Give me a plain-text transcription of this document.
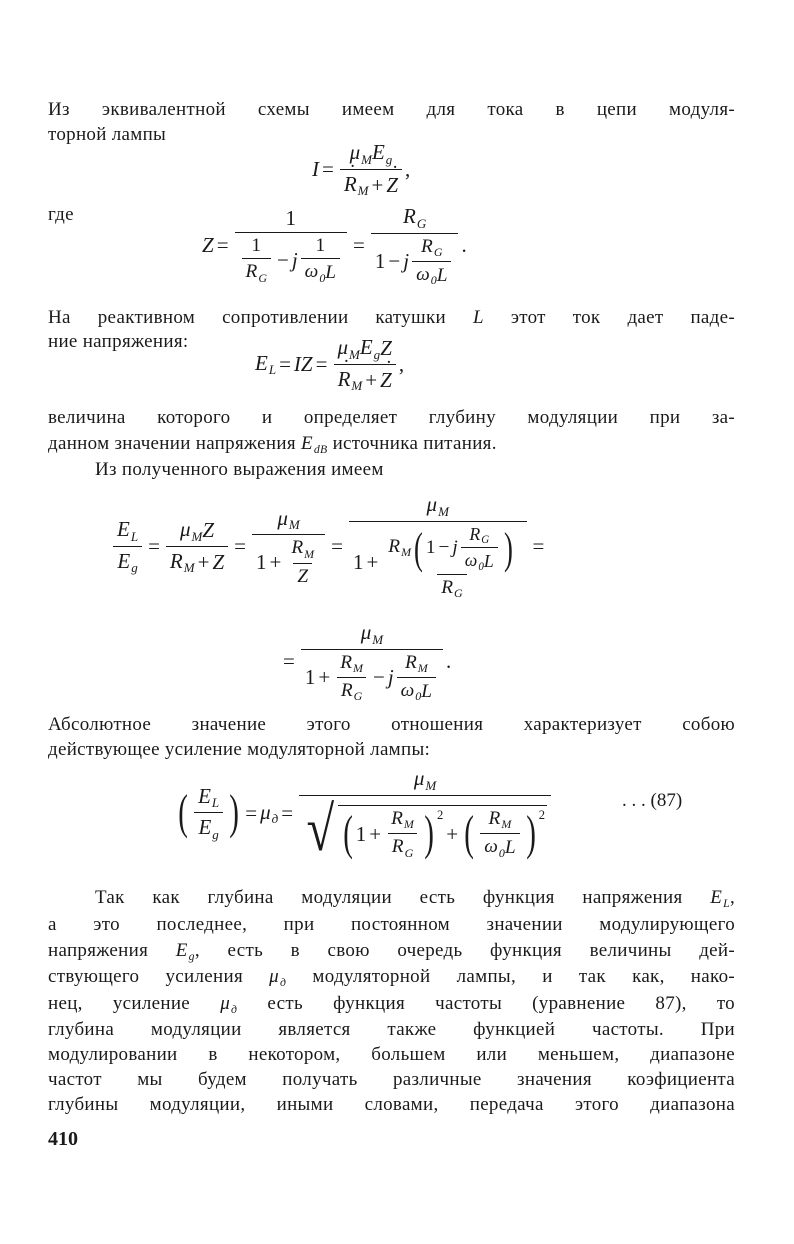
Из эквивалентной схемы имеем для тока в цепи модуля-
торной лампы
$I = \mu_M$ $E_g$
˙ $R_M$ + ˙ Z ,
где
$Z = \frac{1}{\frac{1}{R_G} - j \frac{1}{\omega_0 L}} = \frac{R_G}{1 - j \frac{R_G}{\omega_0 L}}$ .
На реактивном сопротивлении катушки L этот ток дает паде-
ние напряжения:
$E_L = I$ $Z = \mu_M$ $E_g$ Z
˙ $R_M$ + ˙ Z ,
величина которого и определяет глубину модуляции при за-
данном значении напряжения $E_{dB}$ источника питания.
Из полученного выражения имеем
$\frac{E_L}{E_g} = \frac{\mu_M Z}{R_M + Z} = \frac{\mu_M}{1 + \frac{R_M}{Z}} = \frac{\mu_M}{1 + \frac{R_M ( 1 - j \frac{R_G}{\omega_0 L} )}{R_G}}$ =
= $\frac{\mu_M}{1 + \frac{R_M}{R_G} - j \frac{R_M}{\omega_0 L}}$ .
Абсолютное значение этого отношения характеризует собою
действующее усиление модуляторной лампы:
( $\frac{E_L}{E_g}$ ) = $\mu_д = \mu_M$
√ ( $1 + \frac{R_M}{R_G}$ ) $^2$
+ ( $\frac{R_M}{\omega_0 L}$ ) $^2$	. . . (87)
Так как глубина модуляции есть функция напряжения $E_L$,
а это последнее, при постоянном значении модулирующего
напряжения $E_g$, есть в свою очередь функция величины дей-
ствующего усиления $\mu_д$ модуляторной лампы, и так как, нако-
нец, усиление $\mu_д$ есть функция частоты (уравнение 87), то
глубина модуляции является также функцией частоты. При
модулировании в некотором, большем или меньшем, диапазоне
частот мы будем получать различные значения коэфициента
глубины модуляции, иными словами, передача этого диапазона
410
